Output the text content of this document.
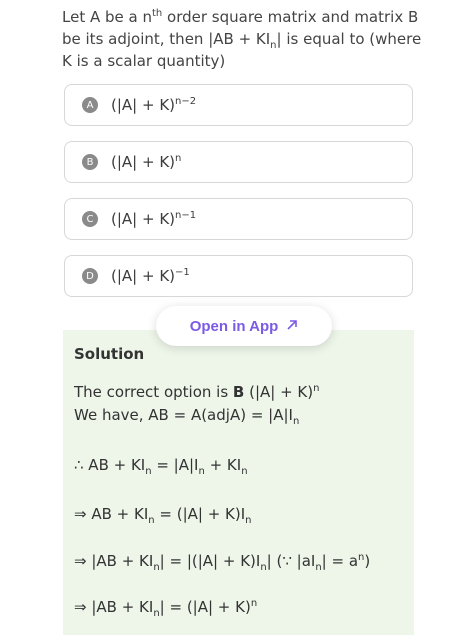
Let A be a $n^{th}$ order square matrix and matrix B be its adjoint, then $|AB + KI_n|$ is equal to (where K is a scalar quantity)
A	$(|A| + K)^{n-2}$
B	$(|A| + K)^n$
C	$(|A| + K)^{n-1}$
D $(|A| + K)^{-1}$
Open in App
Solution
The correct option is B $(|A| + K)^n$
We have, AB = A(adjA) = $|A|I_n$
∴ AB + $KI_n = |A|I_n + KI_n$
⇒ AB + $KI_n = (|A| + K)I_n$
⇒ $|AB + KI_n| = |(|A| + K)I_n|$ (∵ $|aI_n| = a^n$)
⇒ $|AB + KI_n| = (|A| + K)^n$
